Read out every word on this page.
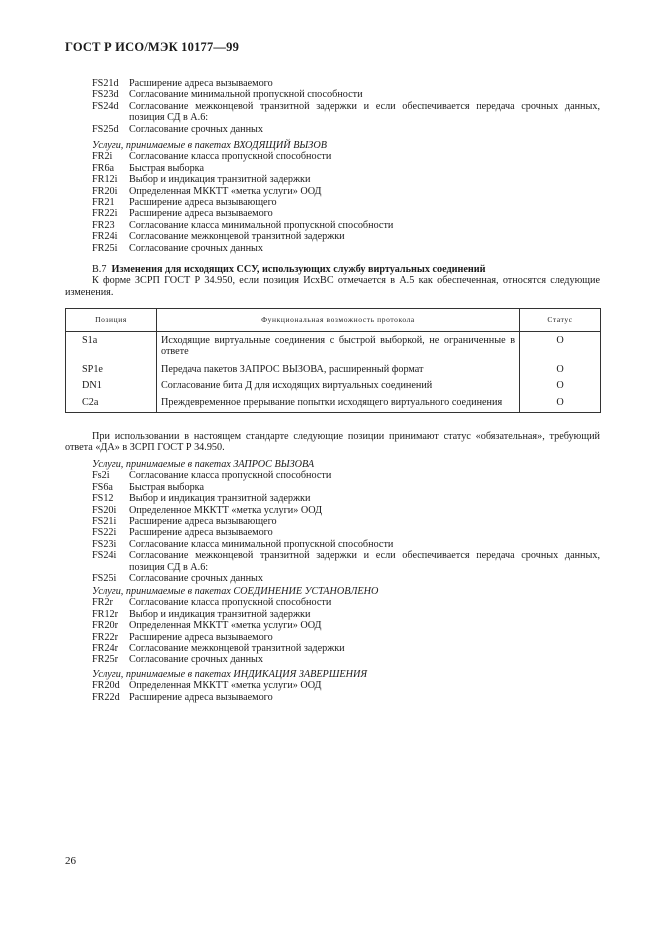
ГОСТ Р ИСО/МЭК 10177—99
FS21d	Расширение адреса вызываемого
FS23d	Согласование минимальной пропускной способности
FS24d	Согласование межконцевой транзитной задержки и если обеспечивается передача срочных данных, позиция СД в А.6:
FS25d	Согласование срочных данных
Услуги, принимаемые в пакетах ВХОДЯЩИЙ ВЫЗОВ
FR2i	Согласование класса пропускной способности
FR6a	Быстрая выборка
FR12i	Выбор и индикация транзитной задержки
FR20i	Определенная МККТТ «метка услуги» ООД
FR21	Расширение адреса вызывающего
FR22i	Расширение адреса вызываемого
FR23	Согласование класса минимальной пропускной способности
FR24i	Согласование межконцевой транзитной задержки
FR25i	Согласование срочных данных
В.7 Изменения для исходящих ССУ, использующих службу виртуальных соединений
К форме ЗСРП ГОСТ Р 34.950, если позиция ИсхВС отмечается в А.5 как обеспеченная, относятся следующие изменения.
Позиция	Функциональная возможность протокола	Статус
S1a	Исходящие виртуальные соединения с быстрой выборкой, не ограниченные в ответе	О
SP1e	Передача пакетов ЗАПРОС ВЫЗОВА, расширенный формат	О
DN1	Согласование бита Д для исходящих виртуальных соединений	О
C2a	Преждевременное прерывание попытки исходящего виртуального соединения	О
При использовании в настоящем стандарте следующие позиции принимают статус «обязательная», требующий ответа «ДА» в ЗСРП ГОСТ Р 34.950.
Услуги, принимаемые в пакетах ЗАПРОС ВЫЗОВА
Fs2i	Согласование класса пропускной способности
FS6a	Быстрая выборка
FS12	Выбор и индикация транзитной задержки
FS20i	Определенное МККТТ «метка услуги» ООД
FS21i	Расширение адреса вызывающего
FS22i	Расширение адреса вызываемого
FS23i	Согласование класса минимальной пропускной способности
FS24i	Согласование межконцевой транзитной задержки и если обеспечивается передача срочных данных, позиция СД в А.6:
FS25i	Согласование срочных данных
Услуги, принимаемые в пакетах СОЕДИНЕНИЕ УСТАНОВЛЕНО
FR2r	Согласование класса пропускной способности
FR12r	Выбор и индикация транзитной задержки
FR20r	Определенная МККТТ «метка услуги» ООД
FR22r	Расширение адреса вызываемого
FR24r	Согласование межконцевой транзитной задержки
FR25r	Согласование срочных данных
Услуги, принимаемые в пакетах ИНДИКАЦИЯ ЗАВЕРШЕНИЯ
FR20d Определенная МККТТ «метка услуги» ООД
FR22d Расширение адреса вызываемого
26
